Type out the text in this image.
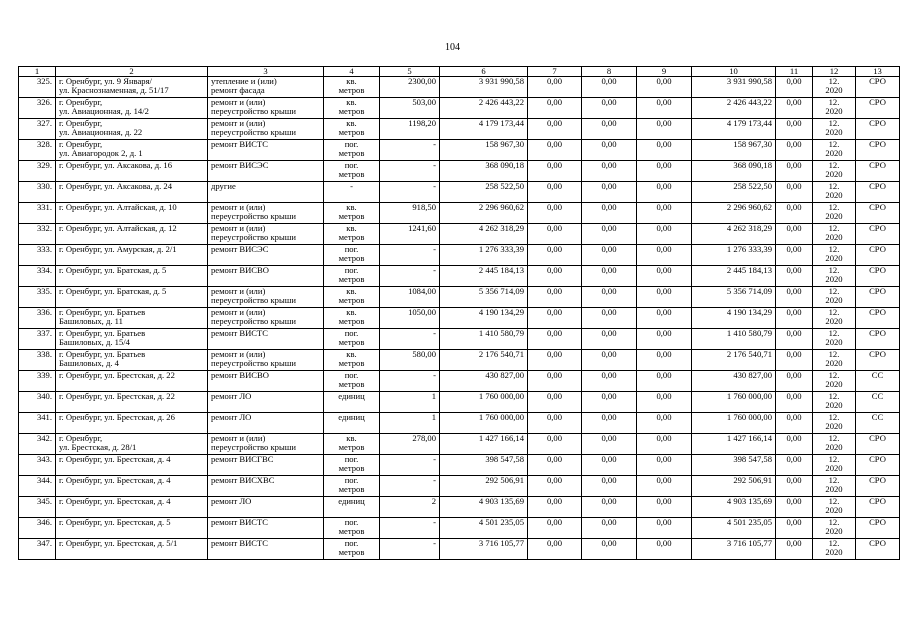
104
1	2	3	4	5	6	7	8	9	10	11	12	13
325.	г. Оренбург, ул. 9 Января/
ул. Краснознаменная, д. 51/17	утепление и (или)
ремонт фасада	кв.
метров	2300,00	3 931 990,58	0,00	0,00	0,00	3 931 990,58	0,00	12.
2020	СРО
326.	г. Оренбург,
ул. Авиационная, д. 14/2	ремонт и (или)
переустройство крыши	кв.
метров	503,00	2 426 443,22	0,00	0,00	0,00	2 426 443,22	0,00	12.
2020	СРО
327.	г. Оренбург,
ул. Авиационная, д. 22	ремонт и (или)
переустройство крыши	кв.
метров	1198,20	4 179 173,44	0,00	0,00	0,00	4 179 173,44	0,00	12.
2020	СРО
328.	г. Оренбург,
ул. Авиагородок 2, д. 1	ремонт ВИСТС	пог.
метров	-	158 967,30	0,00	0,00	0,00	158 967,30	0,00	12.
2020	СРО
329.	г. Оренбург, ул. Аксакова, д. 16	ремонт ВИСЭС	пог.
метров	-	368 090,18	0,00	0,00	0,00	368 090,18	0,00	12.
2020	СРО
330.	г. Оренбург, ул. Аксакова, д. 24	другие	-	-	258 522,50	0,00	0,00	0,00	258 522,50	0,00	12.
2020	СРО
331.	г. Оренбург, ул. Алтайская, д. 10	ремонт и (или)
переустройство крыши	кв.
метров	918,50	2 296 960,62	0,00	0,00	0,00	2 296 960,62	0,00	12.
2020	СРО
332.	г. Оренбург, ул. Алтайская, д. 12	ремонт и (или)
переустройство крыши	кв.
метров	1241,60	4 262 318,29	0,00	0,00	0,00	4 262 318,29	0,00	12.
2020	СРО
333.	г. Оренбург, ул. Амурская, д. 2/1	ремонт ВИСЭС	пог.
метров	-	1 276 333,39	0,00	0,00	0,00	1 276 333,39	0,00	12.
2020	СРО
334.	г. Оренбург, ул. Братская, д. 5	ремонт ВИСВО	пог.
метров	-	2 445 184,13	0,00	0,00	0,00	2 445 184,13	0,00	12.
2020	СРО
335.	г. Оренбург, ул. Братская, д. 5	ремонт и (или)
переустройство крыши	кв.
метров	1084,00	5 356 714,09	0,00	0,00	0,00	5 356 714,09	0,00	12.
2020	СРО
336.	г. Оренбург, ул. Братьев
Башиловых, д. 11	ремонт и (или)
переустройство крыши	кв.
метров	1050,00	4 190 134,29	0,00	0,00	0,00	4 190 134,29	0,00	12.
2020	СРО
337.	г. Оренбург, ул. Братьев
Башиловых, д. 15/4	ремонт ВИСТС	пог.
метров	-	1 410 580,79	0,00	0,00	0,00	1 410 580,79	0,00	12.
2020	СРО
338.	г. Оренбург, ул. Братьев
Башиловых, д. 4	ремонт и (или)
переустройство крыши	кв.
метров	580,00	2 176 540,71	0,00	0,00	0,00	2 176 540,71	0,00	12.
2020	СРО
339.	г. Оренбург, ул. Брестская, д. 22	ремонт ВИСВО	пог.
метров	-	430 827,00	0,00	0,00	0,00	430 827,00	0,00	12.
2020	СС
340.	г. Оренбург, ул. Брестская, д. 22	ремонт ЛО	единиц	1	1 760 000,00	0,00	0,00	0,00	1 760 000,00	0,00	12.
2020	СС
341.	г. Оренбург, ул. Брестская, д. 26	ремонт ЛО	единиц	1	1 760 000,00	0,00	0,00	0,00	1 760 000,00	0,00	12.
2020	СС
342.	г. Оренбург,
ул. Брестская, д. 28/1	ремонт и (или)
переустройство крыши	кв.
метров	278,00	1 427 166,14	0,00	0,00	0,00	1 427 166,14	0,00	12.
2020	СРО
343.	г. Оренбург, ул. Брестская, д. 4	ремонт ВИСГВС	пог.
метров	-	398 547,58	0,00	0,00	0,00	398 547,58	0,00	12.
2020	СРО
344.	г. Оренбург, ул. Брестская, д. 4	ремонт ВИСХВС	пог.
метров	-	292 506,91	0,00	0,00	0,00	292 506,91	0,00	12.
2020	СРО
345.	г. Оренбург, ул. Брестская, д. 4	ремонт ЛО	единиц	2	4 903 135,69	0,00	0,00	0,00	4 903 135,69	0,00	12.
2020	СРО
346.	г. Оренбург, ул. Брестская, д. 5	ремонт ВИСТС	пог.
метров	-	4 501 235,05	0,00	0,00	0,00	4 501 235,05	0,00	12.
2020	СРО
347.	г. Оренбург, ул. Брестская, д. 5/1	ремонт ВИСТС	пог.
метров	-	3 716 105,77	0,00	0,00	0,00	3 716 105,77	0,00	12.
2020	СРО
